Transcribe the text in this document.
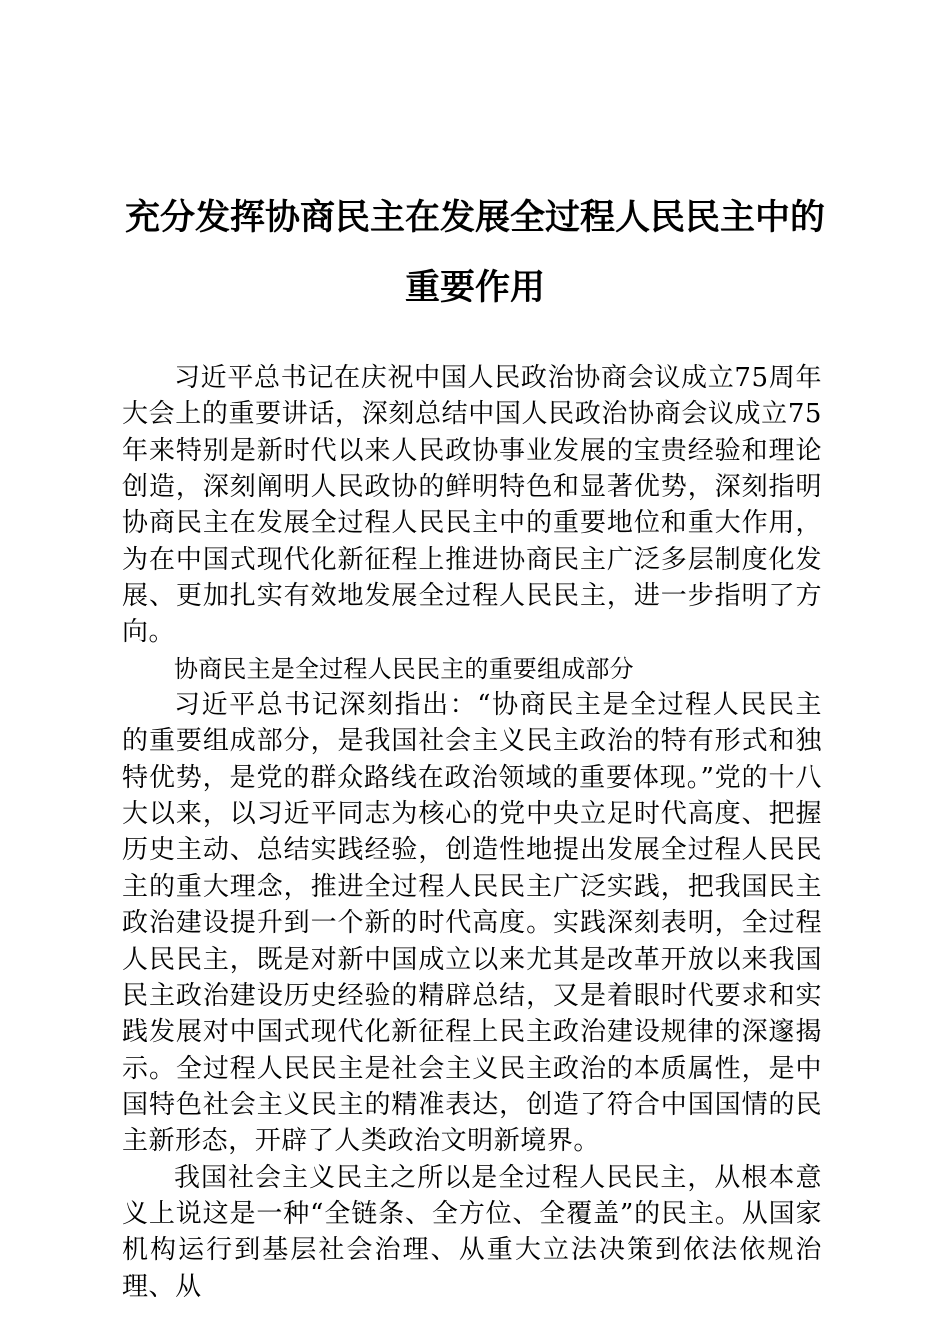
充分发挥协商民主在发展全过程人民民主中的
重要作用

习近平总书记在庆祝中国人民政治协商会议成立75周年大会上的重要讲话，深刻总结中国人民政治协商会议成立75年来特别是新时代以来人民政协事业发展的宝贵经验和理论创造，深刻阐明人民政协的鲜明特色和显著优势，深刻指明协商民主在发展全过程人民民主中的重要地位和重大作用，为在中国式现代化新征程上推进协商民主广泛多层制度化发展、更加扎实有效地发展全过程人民民主，进一步指明了方向。

协商民主是全过程人民民主的重要组成部分

习近平总书记深刻指出：“协商民主是全过程人民民主的重要组成部分，是我国社会主义民主政治的特有形式和独特优势，是党的群众路线在政治领域的重要体现。”党的十八大以来，以习近平同志为核心的党中央立足时代高度、把握历史主动、总结实践经验，创造性地提出发展全过程人民民主的重大理念，推进全过程人民民主广泛实践，把我国民主政治建设提升到一个新的时代高度。实践深刻表明，全过程人民民主，既是对新中国成立以来尤其是改革开放以来我国民主政治建设历史经验的精辟总结，又是着眼时代要求和实践发展对中国式现代化新征程上民主政治建设规律的深邃揭示。全过程人民民主是社会主义民主政治的本质属性，是中国特色社会主义民主的精准表达，创造了符合中国国情的民主新形态，开辟了人类政治文明新境界。

我国社会主义民主之所以是全过程人民民主，从根本意义上说这是一种“全链条、全方位、全覆盖”的民主。从国家机构运行到基层社会治理、从重大立法决策到依法依规治理、从
